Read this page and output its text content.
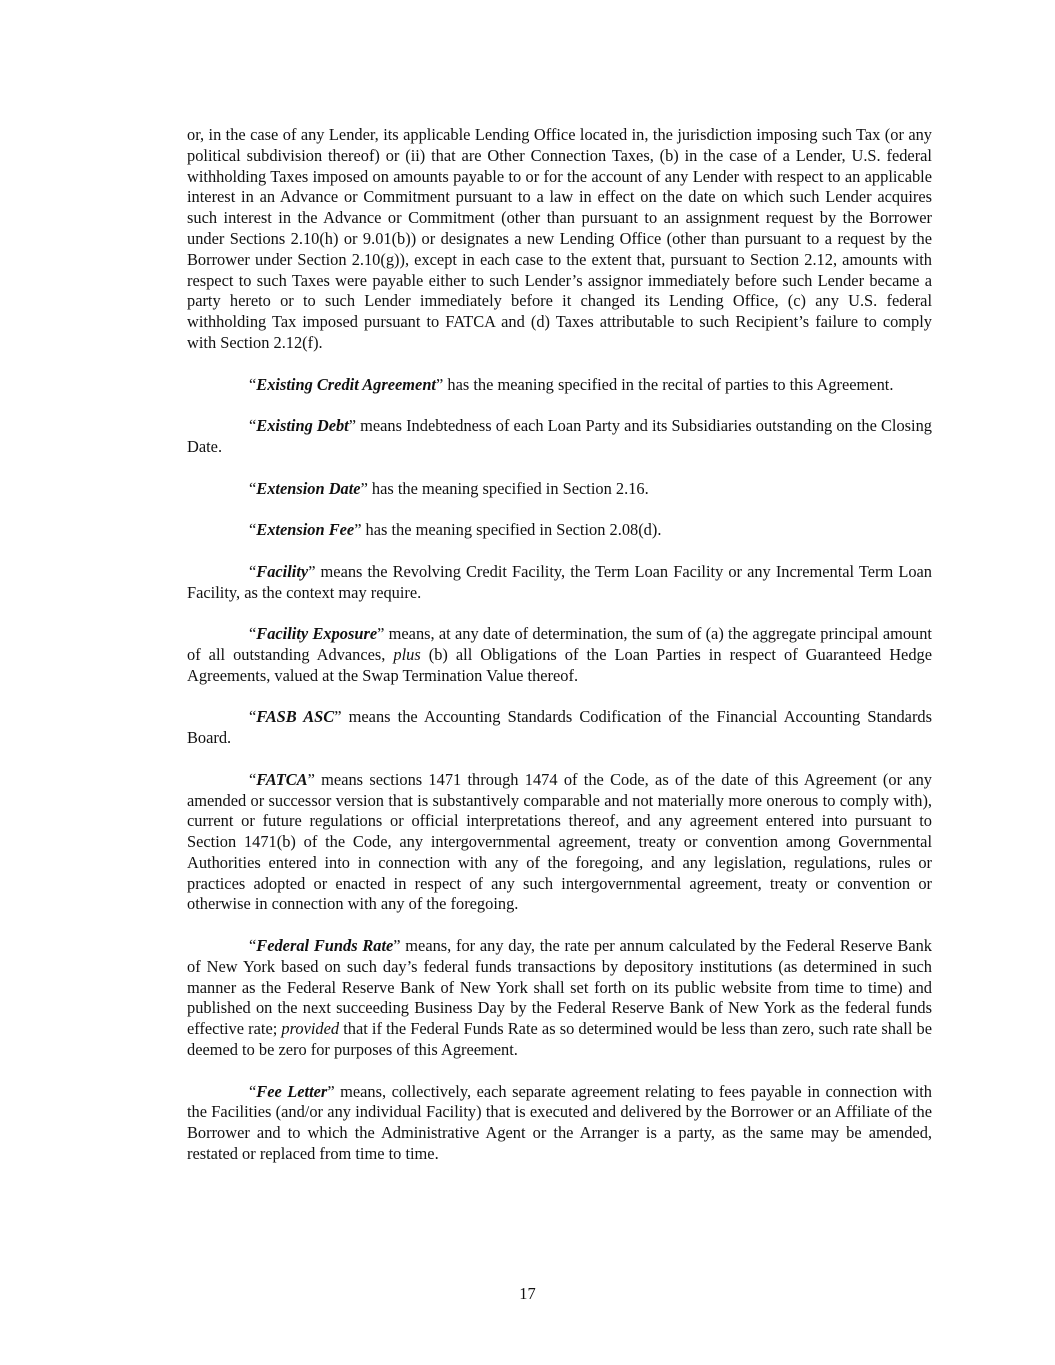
or, in the case of any Lender, its applicable Lending Office located in, the jurisdiction imposing such Tax (or any political subdivision thereof) or (ii) that are Other Connection Taxes, (b) in the case of a Lender, U.S. federal withholding Taxes imposed on amounts payable to or for the account of any Lender with respect to an applicable interest in an Advance or Commitment pursuant to a law in effect on the date on which such Lender acquires such interest in the Advance or Commitment (other than pursuant to an assignment request by the Borrower under Sections 2.10(h) or 9.01(b)) or designates a new Lending Office (other than pursuant to a request by the Borrower under Section 2.10(g)), except in each case to the extent that, pursuant to Section 2.12, amounts with respect to such Taxes were payable either to such Lender’s assignor immediately before such Lender became a party hereto or to such Lender immediately before it changed its Lending Office, (c) any U.S. federal withholding Tax imposed pursuant to FATCA and (d) Taxes attributable to such Recipient’s failure to comply with Section 2.12(f).

“Existing Credit Agreement” has the meaning specified in the recital of parties to this Agreement.

“Existing Debt” means Indebtedness of each Loan Party and its Subsidiaries outstanding on the Closing Date.

“Extension Date” has the meaning specified in Section 2.16.

“Extension Fee” has the meaning specified in Section 2.08(d).

“Facility” means the Revolving Credit Facility, the Term Loan Facility or any Incremental Term Loan Facility, as the context may require.

“Facility Exposure” means, at any date of determination, the sum of (a) the aggregate principal amount of all outstanding Advances, plus (b) all Obligations of the Loan Parties in respect of Guaranteed Hedge Agreements, valued at the Swap Termination Value thereof.

“FASB ASC” means the Accounting Standards Codification of the Financial Accounting Standards Board.

“FATCA” means sections 1471 through 1474 of the Code, as of the date of this Agreement (or any amended or successor version that is substantively comparable and not materially more onerous to comply with), current or future regulations or official interpretations thereof, and any agreement entered into pursuant to Section 1471(b) of the Code, any intergovernmental agreement, treaty or convention among Governmental Authorities entered into in connection with any of the foregoing, and any legislation, regulations, rules or practices adopted or enacted in respect of any such intergovernmental agreement, treaty or convention or otherwise in connection with any of the foregoing.

“Federal Funds Rate” means, for any day, the rate per annum calculated by the Federal Reserve Bank of New York based on such day’s federal funds transactions by depository institutions (as determined in such manner as the Federal Reserve Bank of New York shall set forth on its public website from time to time) and published on the next succeeding Business Day by the Federal Reserve Bank of New York as the federal funds effective rate; provided that if the Federal Funds Rate as so determined would be less than zero, such rate shall be deemed to be zero for purposes of this Agreement.

“Fee Letter” means, collectively, each separate agreement relating to fees payable in connection with the Facilities (and/or any individual Facility) that is executed and delivered by the Borrower or an Affiliate of the Borrower and to which the Administrative Agent or the Arranger is a party, as the same may be amended, restated or replaced from time to time.

17
